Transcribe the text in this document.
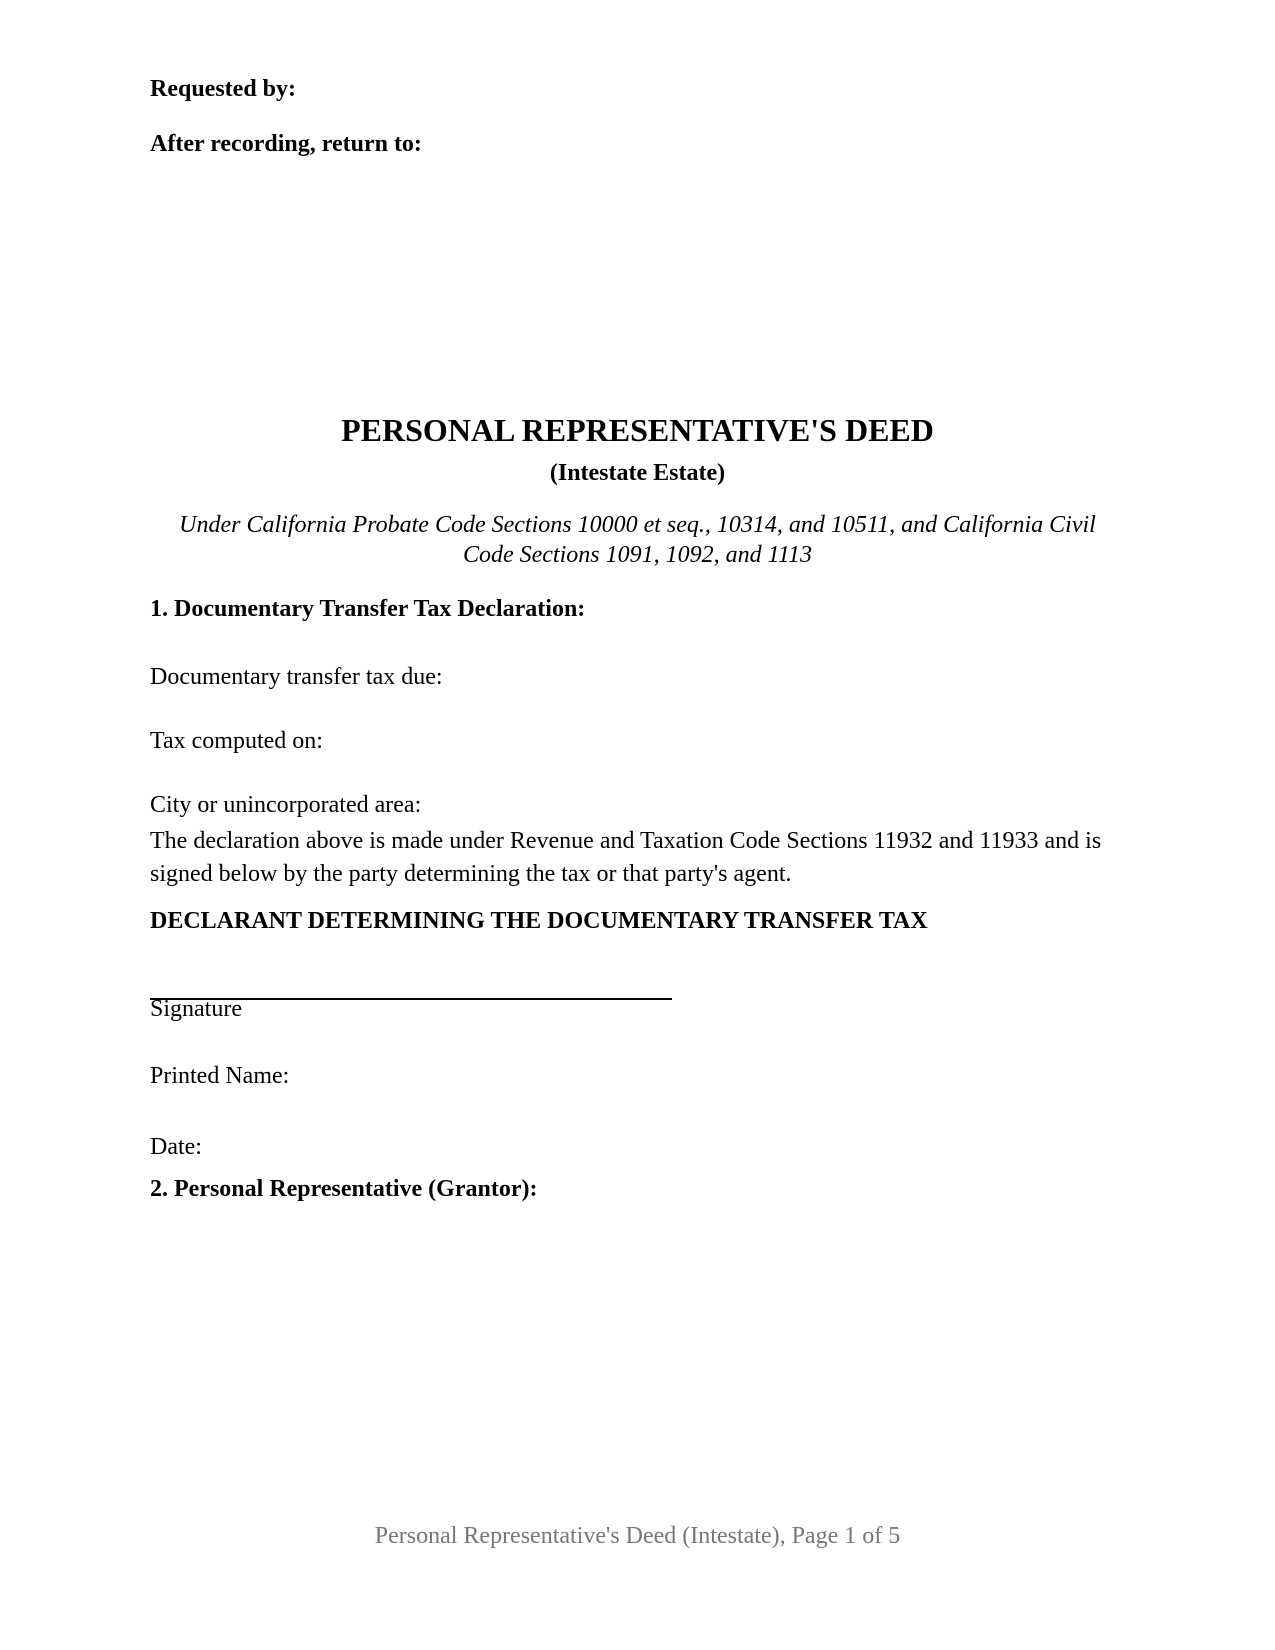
Requested by:

After recording, return to:

PERSONAL REPRESENTATIVE'S DEED

(Intestate Estate)

Under California Probate Code Sections 10000 et seq., 10314, and 10511, and California Civil
Code Sections 1091, 1092, and 1113

1. Documentary Transfer Tax Declaration:

Documentary transfer tax due:

Tax computed on:

City or unincorporated area:

The declaration above is made under Revenue and Taxation Code Sections 11932 and 11933 and is signed below by the party determining the tax or that party's agent.

DECLARANT DETERMINING THE DOCUMENTARY TRANSFER TAX

Signature

Printed Name:

Date:

2. Personal Representative (Grantor):

Personal Representative's Deed (Intestate), Page 1 of 5
